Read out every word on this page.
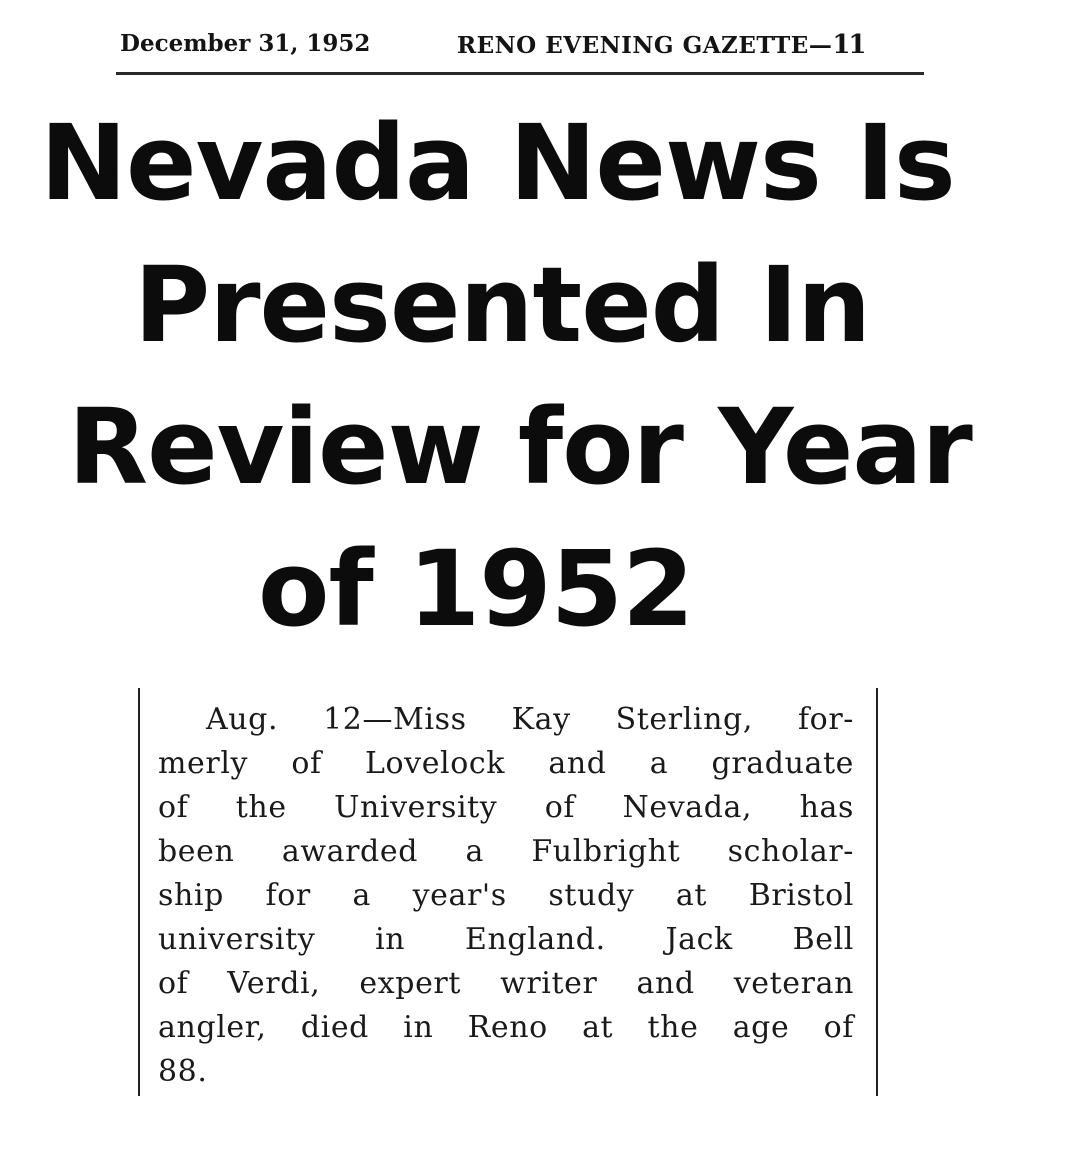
December 31, 1952	RENO EVENING GAZETTE—11
Nevada News Is
Presented In
Review for Year
of 1952

Aug. 12—Miss Kay Sterling, for-
merly of Lovelock and a graduate
of the University of Nevada, has
been awarded a Fulbright scholar-
ship for a year's study at Bristol
university in England. Jack Bell
of Verdi, expert writer and veteran
angler, died in Reno at the age of
88.
